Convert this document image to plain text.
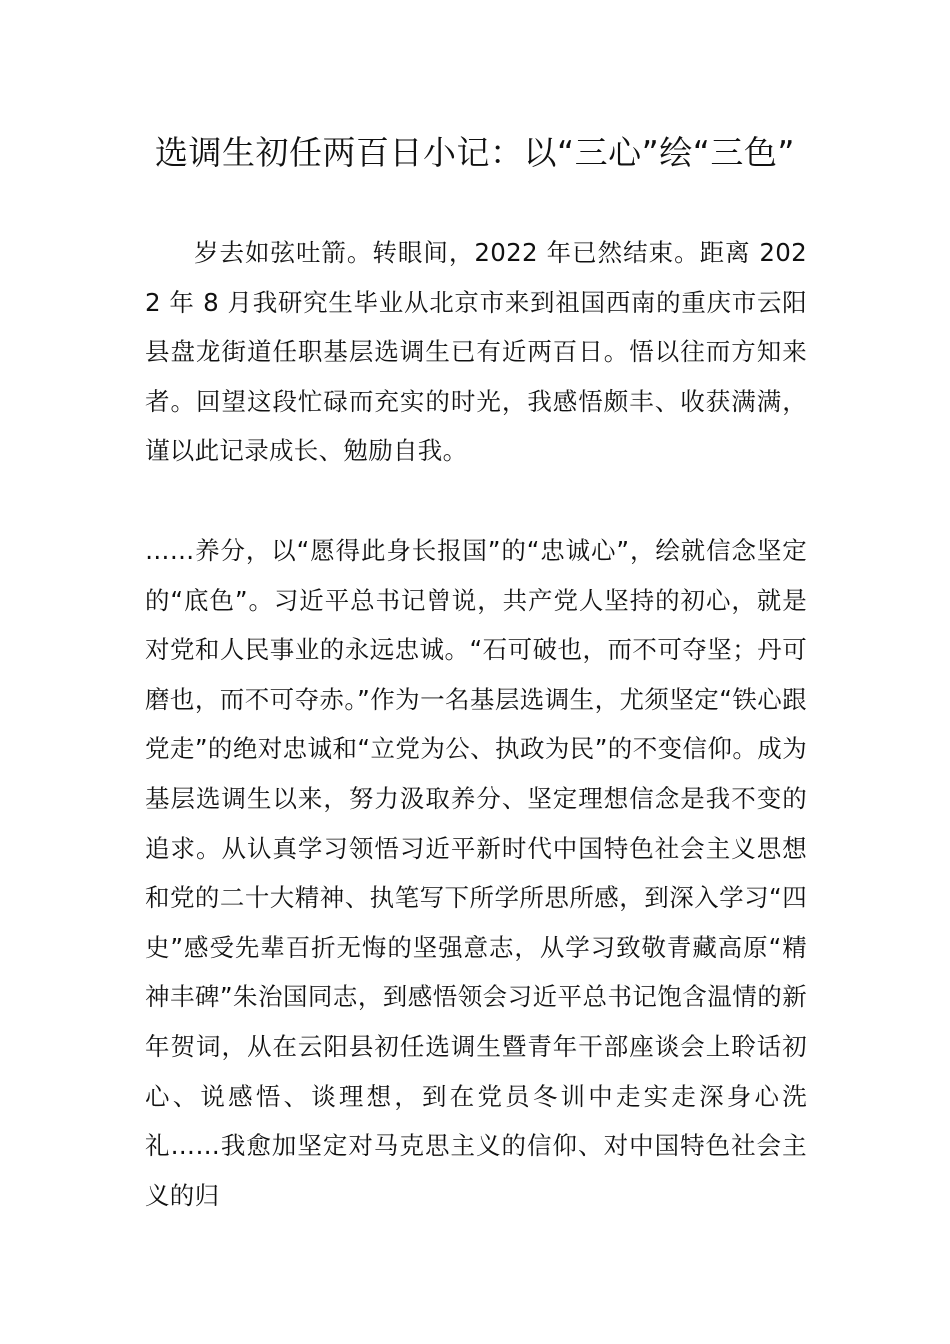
选调生初任两百日小记：以“三心”绘“三色”

岁去如弦吐箭。转眼间，2022 年已然结束。距离 2022 年 8 月我研究生毕业从北京市来到祖国西南的重庆市云阳县盘龙街道任职基层选调生已有近两百日。悟以往而方知来者。回望这段忙碌而充实的时光，我感悟颇丰、收获满满，谨以此记录成长、勉励自我。

……养分，以“愿得此身长报国”的“忠诚心”，绘就信念坚定的“底色”。习近平总书记曾说，共产党人坚持的初心，就是对党和人民事业的永远忠诚。“石可破也，而不可夺坚；丹可磨也，而不可夺赤。”作为一名基层选调生，尤须坚定“铁心跟党走”的绝对忠诚和“立党为公、执政为民”的不变信仰。成为基层选调生以来，努力汲取养分、坚定理想信念是我不变的追求。从认真学习领悟习近平新时代中国特色社会主义思想和党的二十大精神、执笔写下所学所思所感，到深入学习“四史”感受先辈百折无悔的坚强意志，从学习致敬青藏高原“精神丰碑”朱治国同志，到感悟领会习近平总书记饱含温情的新年贺词，从在云阳县初任选调生暨青年干部座谈会上聆话初心、说感悟、谈理想，到在党员冬训中走实走深身心洗礼……我愈加坚定对马克思主义的信仰、对中国特色社会主义的归
